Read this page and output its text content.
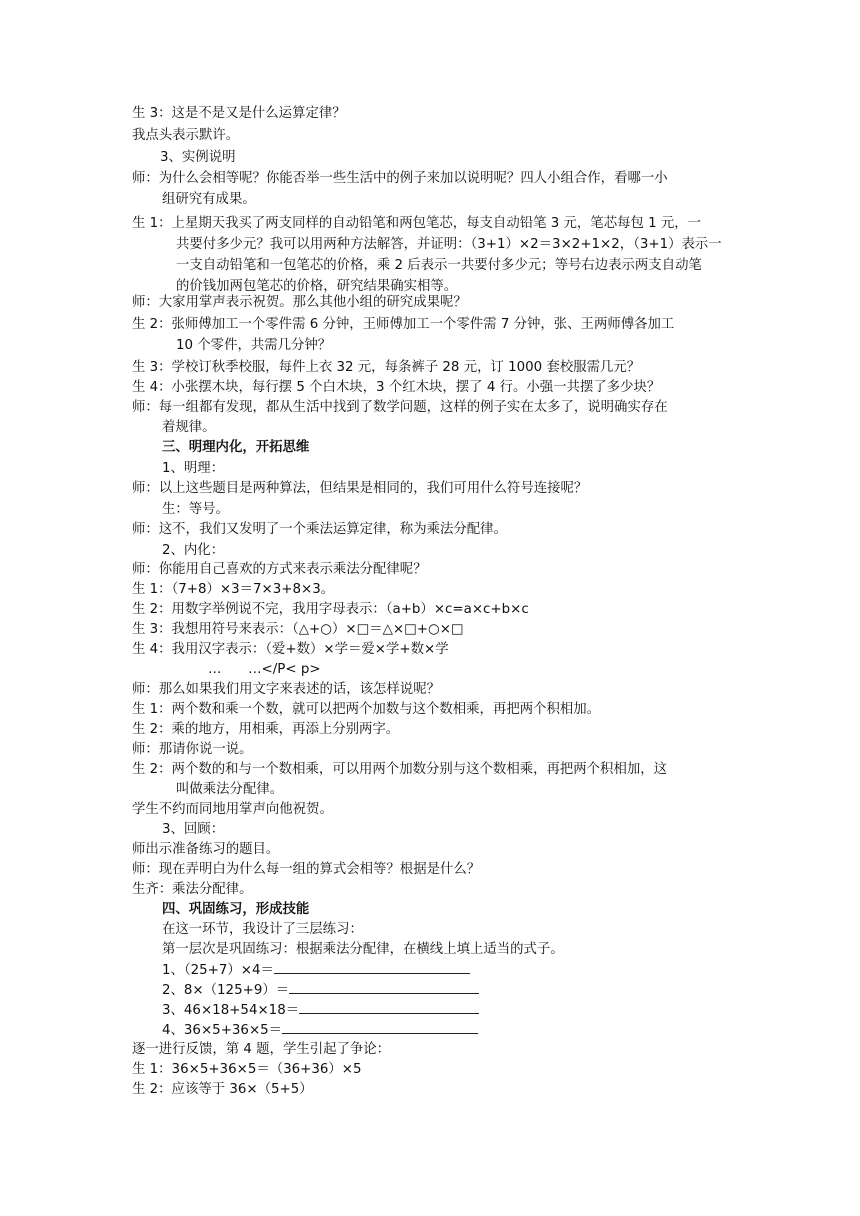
生 3：这是不是又是什么运算定律？
我点头表示默许。
3、实例说明
师：为什么会相等呢？你能否举一些生活中的例子来加以说明呢？四人小组合作，看哪一小
组研究有成果。
生 1：上星期天我买了两支同样的自动铅笔和两包笔芯，每支自动铅笔 3 元，笔芯每包 1 元，一
共要付多少元？我可以用两种方法解答，并证明：（3+1）×2＝3×2+1×2，（3+1）表示一
一支自动铅笔和一包笔芯的价格，乘 2 后表示一共要付多少元；等号右边表示两支自动笔
的价钱加两包笔芯的价格，研究结果确实相等。
师：大家用掌声表示祝贺。那么其他小组的研究成果呢？
生 2：张师傅加工一个零件需 6 分钟，王师傅加工一个零件需 7 分钟，张、王两师傅各加工
10 个零件，共需几分钟？
生 3：学校订秋季校服，每件上衣 32 元，每条裤子 28 元，订 1000 套校服需几元？
生 4：小张摆木块，每行摆 5 个白木块，3 个红木块，摆了 4 行。小强一共摆了多少块？
师：每一组都有发现，都从生活中找到了数学问题，这样的例子实在太多了，说明确实存在
着规律。
三、明理内化，开拓思维
1、明理：
师：以上这些题目是两种算法，但结果是相同的，我们可用什么符号连接呢？
生：等号。
师：这不，我们又发明了一个乘法运算定律，称为乘法分配律。
2、内化：
师：你能用自己喜欢的方式来表示乘法分配律呢？
生 1：（7+8）×3＝7×3+8×3。
生 2：用数字举例说不完，我用字母表示：（a+b）×c=a×c+b×c
生 3：我想用符号来表示：（△+○）×□＝△×□+○×□
生 4：我用汉字表示：（爱+数）×学＝爱×学+数×学
…　　…</P< p>
师：那么如果我们用文字来表述的话，该怎样说呢？
生 1：两个数和乘一个数，就可以把两个加数与这个数相乘，再把两个积相加。
生 2：乘的地方，用相乘，再添上分别两字。
师：那请你说一说。
生 2：两个数的和与一个数相乘，可以用两个加数分别与这个数相乘，再把两个积相加，这
叫做乘法分配律。
学生不约而同地用掌声向他祝贺。
3、回顾：
师出示准备练习的题目。
师：现在弄明白为什么每一组的算式会相等？根据是什么？
生齐：乘法分配律。
四、巩固练习，形成技能
在这一环节，我设计了三层练习：
第一层次是巩固练习：根据乘法分配律，在横线上填上适当的式子。
1、（25+7）×4＝
2、8×（125+9）＝
3、46×18+54×18＝
4、36×5+36×5＝
逐一进行反馈，第 4 题，学生引起了争论：
生 1：36×5+36×5＝（36+36）×5
生 2：应该等于 36×（5+5）
